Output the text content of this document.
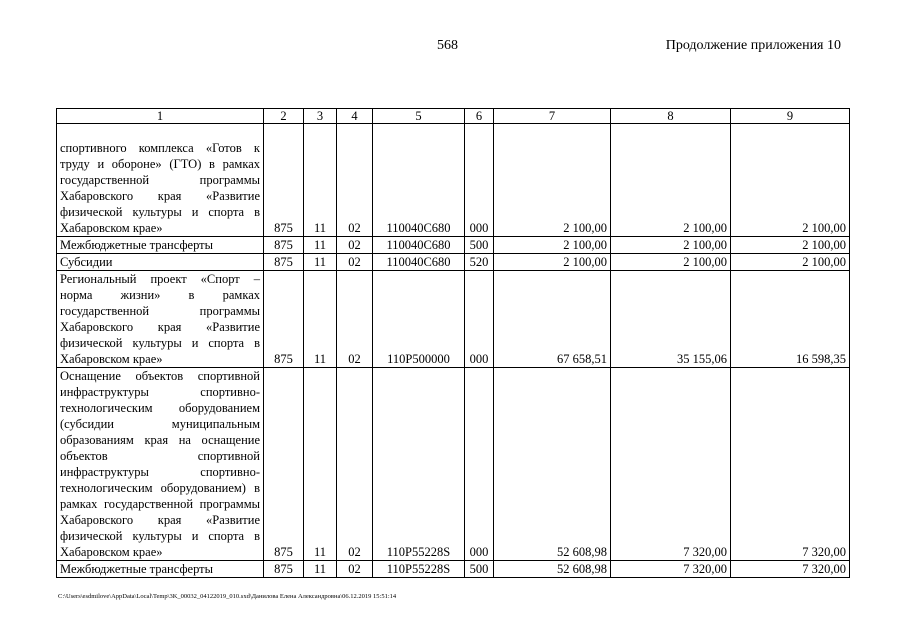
568	Продолжение приложения 10
1	2	3	4	5	6	7	8	9
спортивного комплекса «Готов к труду и обороне» (ГТО) в рамках государственной программы Хабаровского края «Развитие физической культуры и спорта в Хабаровском крае»	875	11	02	110040С680	000	2 100,00	2 100,00	2 100,00
Межбюджетные трансферты	875	11	02	110040С680	500	2 100,00	2 100,00	2 100,00
Субсидии	875	11	02	110040С680	520	2 100,00	2 100,00	2 100,00
Региональный проект «Спорт – норма жизни» в рамках государственной программы Хабаровского края «Развитие физической культуры и спорта в Хабаровском крае»	875	11	02	110P500000	000	67 658,51	35 155,06	16 598,35
Оснащение объектов спортивной инфраструктуры спортивно-технологическим оборудованием (субсидии муниципальным образованиям края на оснащение объектов спортивной инфраструктуры спортивно-технологическим оборудованием) в рамках государственной программы Хабаровского края «Развитие физической культуры и спорта в Хабаровском крае»	875	11	02	110P55228S	000	52 608,98	7 320,00	7 320,00
Межбюджетные трансферты	875	11	02	110P55228S	500	52 608,98	7 320,00	7 320,00
C:\Users\esdmilove\AppData\Local\Temp\3K_00032_04122019_010.sxd\Данилова Елена Александровна\06.12.2019 15:51:14
